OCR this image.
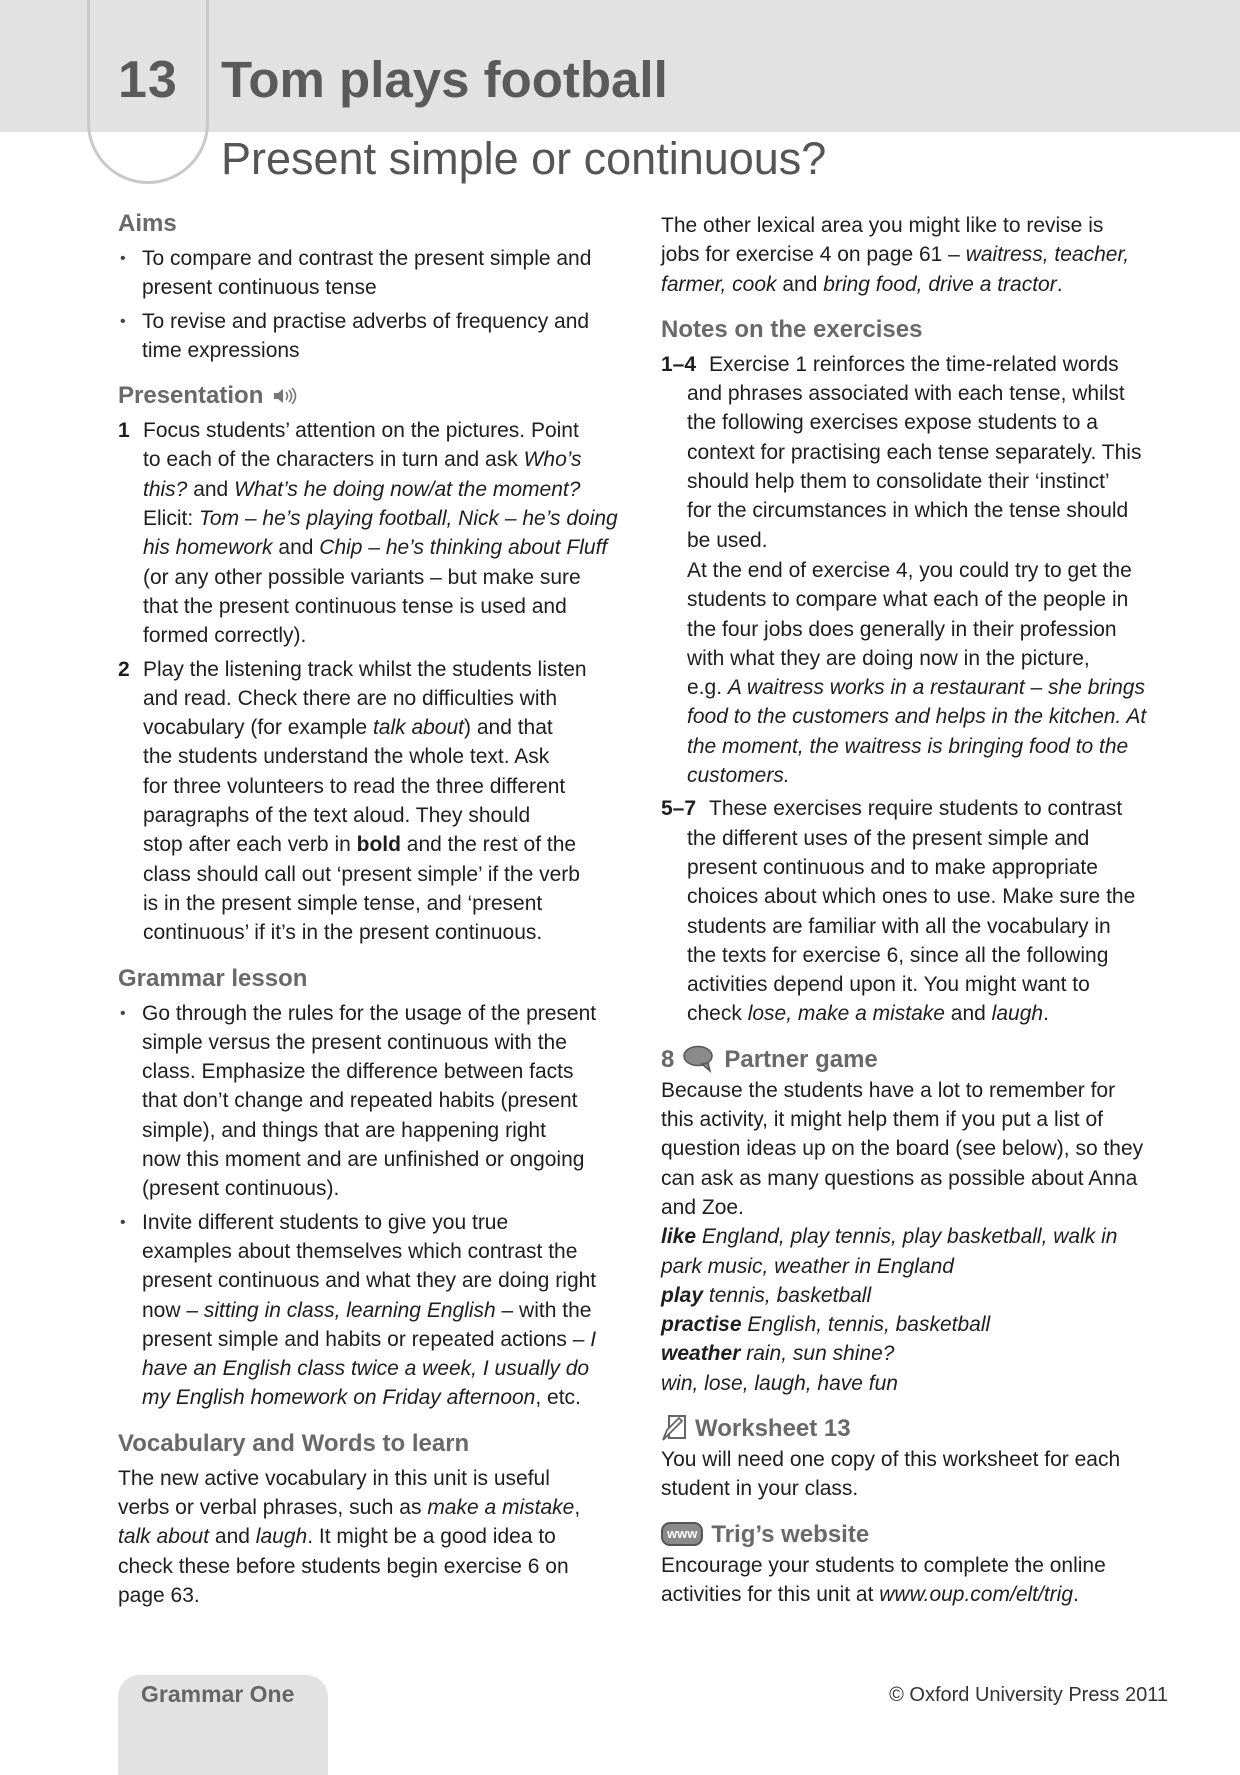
13 Tom plays football
Present simple or continuous?
Aims
• To compare and contrast the present simple and
present continuous tense
• To revise and practise adverbs of frequency and
time expressions
Presentation
1 Focus students’ attention on the pictures. Point
to each of the characters in turn and ask Who’s
this? and What’s he doing now/at the moment?
Elicit: Tom – he’s playing football, Nick – he’s doing
his homework and Chip – he’s thinking about Fluff
(or any other possible variants – but make sure
that the present continuous tense is used and
formed correctly).
2 Play the listening track whilst the students listen
and read. Check there are no difficulties with
vocabulary (for example talk about) and that
the students understand the whole text. Ask
for three volunteers to read the three different
paragraphs of the text aloud. They should
stop after each verb in bold and the rest of the
class should call out ‘present simple’ if the verb
is in the present simple tense, and ‘present
continuous’ if it’s in the present continuous.
Grammar lesson
• Go through the rules for the usage of the present
simple versus the present continuous with the
class. Emphasize the difference between facts
that don’t change and repeated habits (present
simple), and things that are happening right
now this moment and are unfinished or ongoing
(present continuous).
• Invite different students to give you true
examples about themselves which contrast the
present continuous and what they are doing right
now – sitting in class, learning English – with the
present simple and habits or repeated actions – I
have an English class twice a week, I usually do
my English homework on Friday afternoon, etc.
Vocabulary and Words to learn
The new active vocabulary in this unit is useful
verbs or verbal phrases, such as make a mistake,
talk about and laugh. It might be a good idea to
check these before students begin exercise 6 on
page 63.
The other lexical area you might like to revise is
jobs for exercise 4 on page 61 – waitress, teacher,
farmer, cook and bring food, drive a tractor.
Notes on the exercises
1–4 Exercise 1 reinforces the time-related words
and phrases associated with each tense, whilst
the following exercises expose students to a
context for practising each tense separately. This
should help them to consolidate their ‘instinct’
for the circumstances in which the tense should
be used.
At the end of exercise 4, you could try to get the
students to compare what each of the people in
the four jobs does generally in their profession
with what they are doing now in the picture,
e.g. A waitress works in a restaurant – she brings
food to the customers and helps in the kitchen. At
the moment, the waitress is bringing food to the
customers.
5–7 These exercises require students to contrast
the different uses of the present simple and
present continuous and to make appropriate
choices about which ones to use. Make sure the
students are familiar with all the vocabulary in
the texts for exercise 6, since all the following
activities depend upon it. You might want to
check lose, make a mistake and laugh.
8 Partner game
Because the students have a lot to remember for
this activity, it might help them if you put a list of
question ideas up on the board (see below), so they
can ask as many questions as possible about Anna
and Zoe.
like England, play tennis, play basketball, walk in
park music, weather in England
play tennis, basketball
practise English, tennis, basketball
weather rain, sun shine?
win, lose, laugh, have fun
Worksheet 13
You will need one copy of this worksheet for each
student in your class.
www Trig’s website
Encourage your students to complete the online
activities for this unit at www.oup.com/elt/trig.
Grammar One	© Oxford University Press 2011
